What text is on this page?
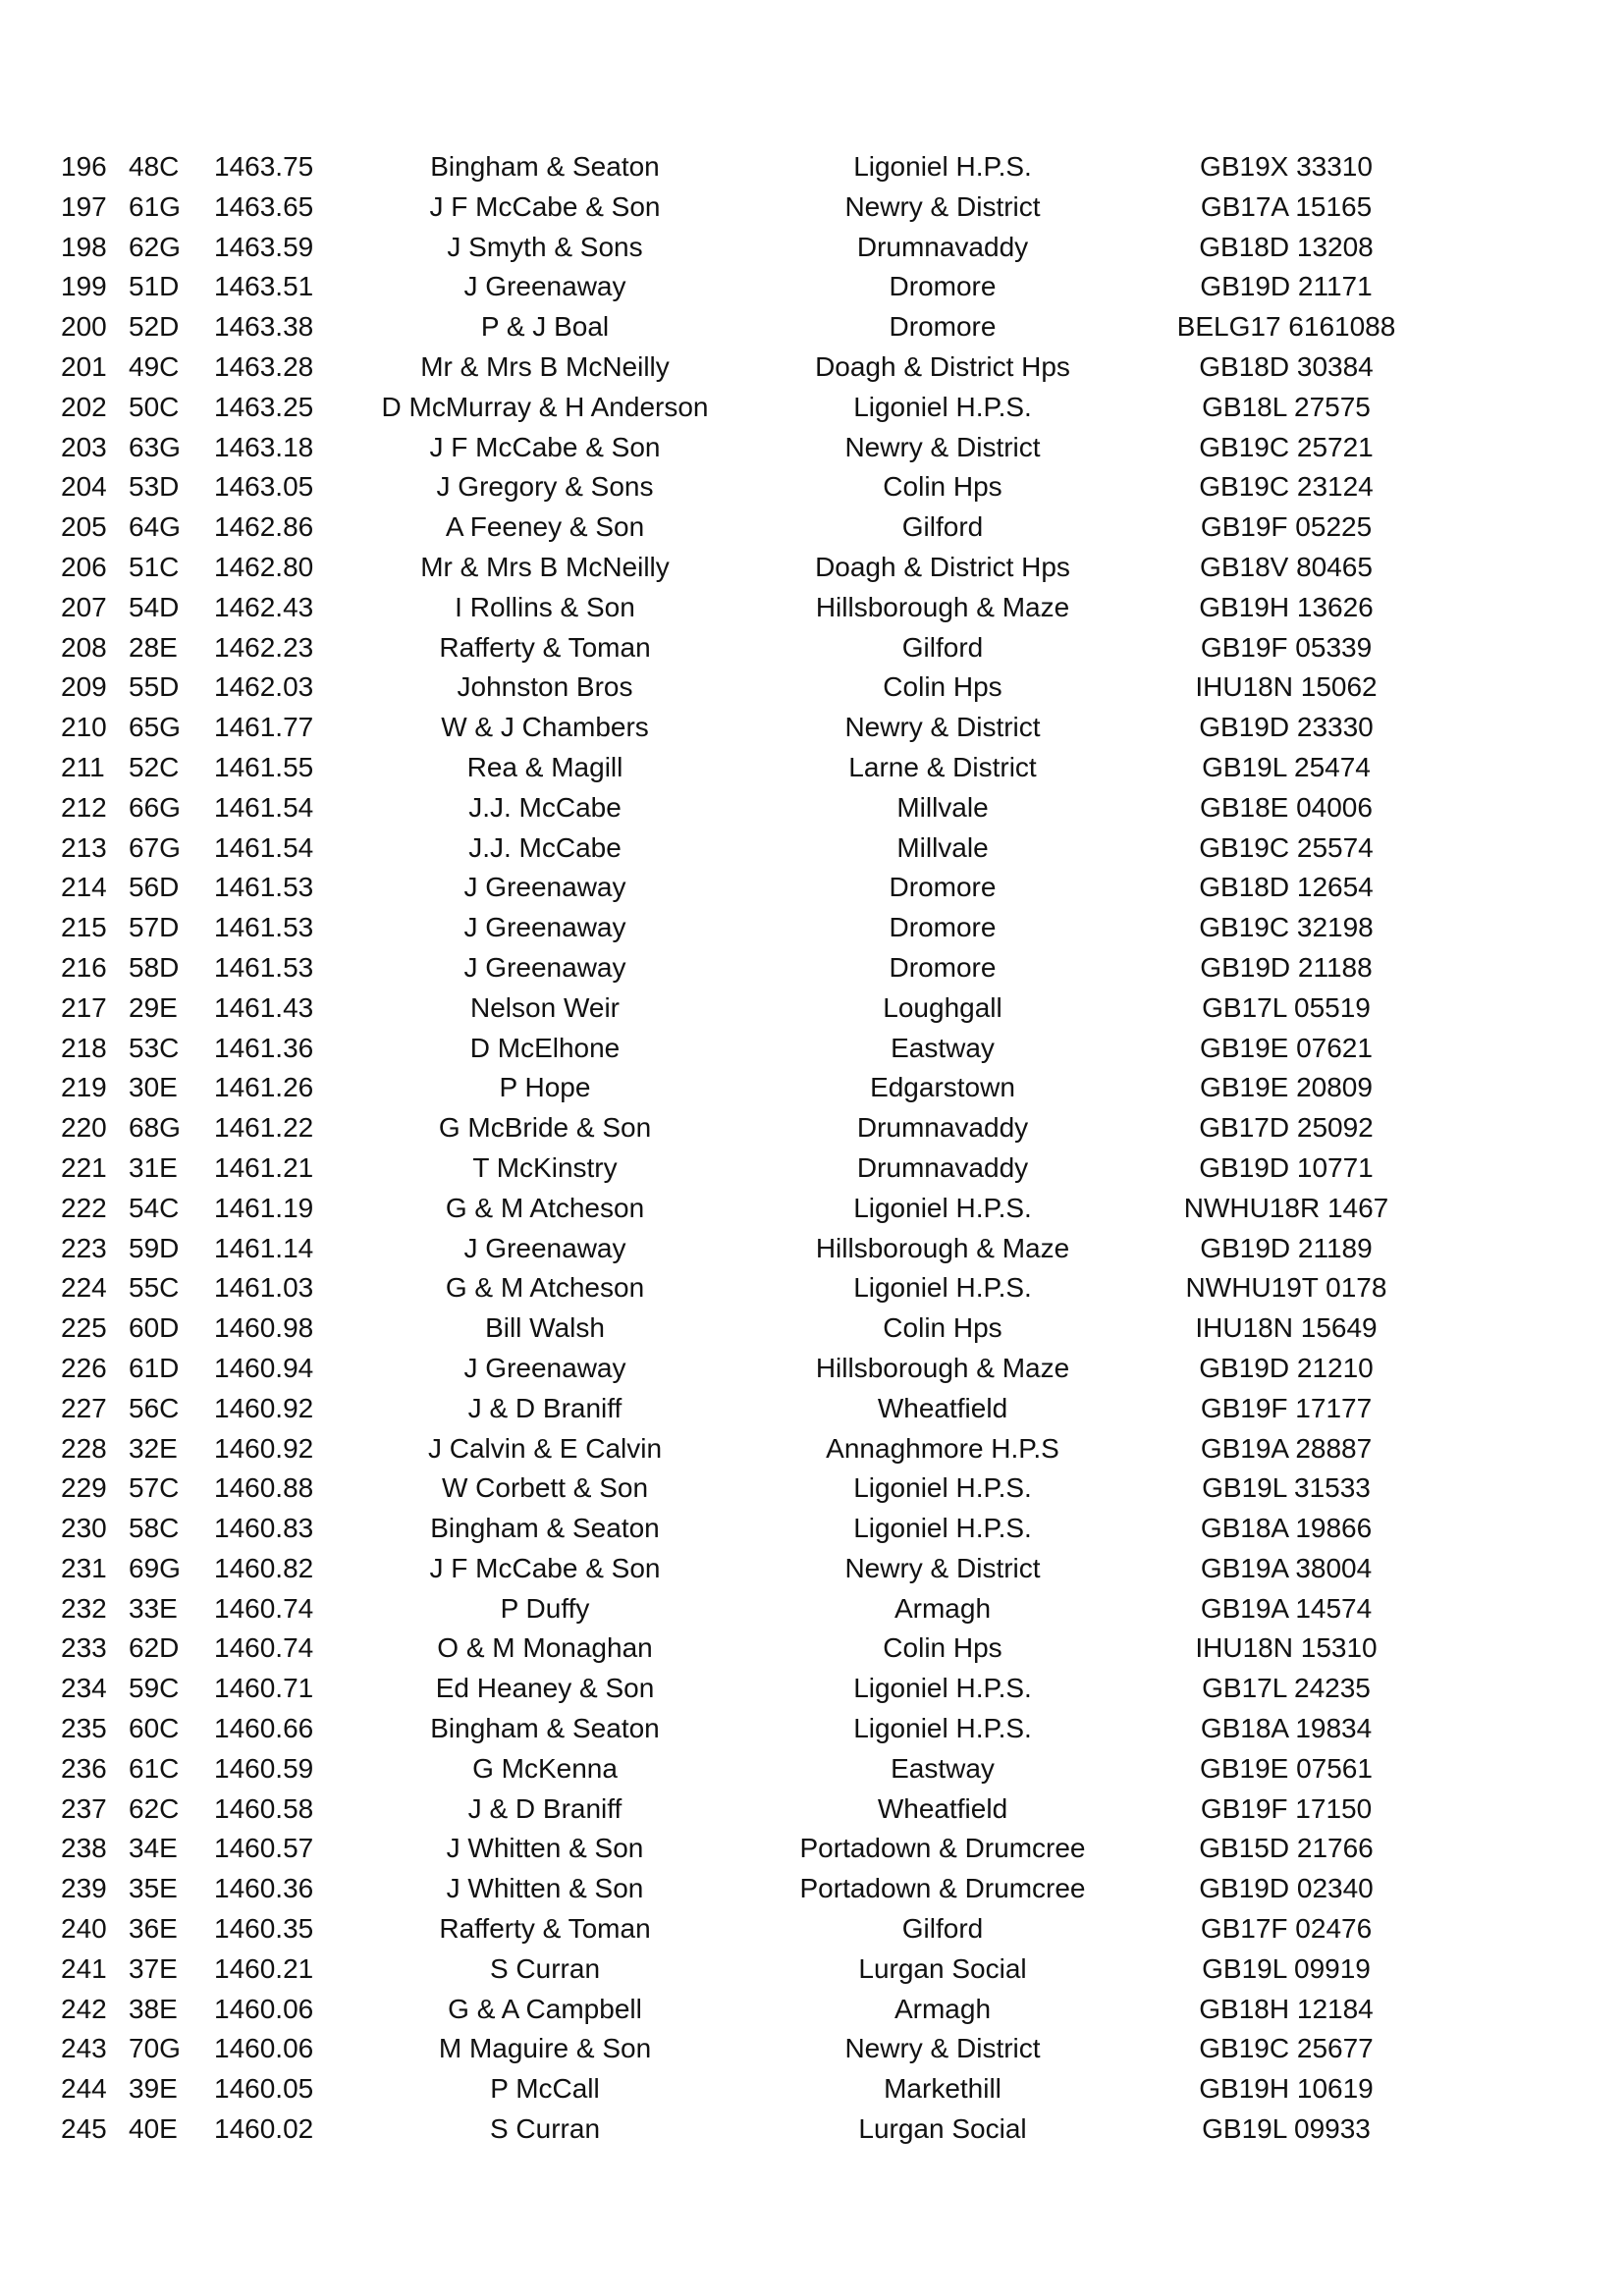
196 48C 1463.75	Bingham & Seaton	Ligoniel H.P.S.	GB19X 33310
197 61G 1463.65	J F McCabe & Son	Newry & District	GB17A 15165
198 62G 1463.59	J Smyth & Sons	Drumnavaddy	GB18D 13208
199 51D 1463.51	J Greenaway	Dromore	GB19D 21171
200 52D 1463.38	P & J Boal	Dromore	BELG17 6161088
201 49C 1463.28	Mr & Mrs B McNeilly	Doagh & District Hps	GB18D 30384
202 50C 1463.25 D McMurray & H Anderson	Ligoniel H.P.S.	GB18L 27575
203 63G 1463.18	J F McCabe & Son	Newry & District	GB19C 25721
204 53D 1463.05	J Gregory & Sons	Colin Hps	GB19C 23124
205 64G 1462.86	A Feeney & Son	Gilford	GB19F 05225
206 51C 1462.80	Mr & Mrs B McNeilly	Doagh & District Hps	GB18V 80465
207 54D 1462.43	I Rollins & Son	Hillsborough & Maze	GB19H 13626
208 28E 1462.23	Rafferty & Toman	Gilford	GB19F 05339
209 55D 1462.03	Johnston Bros	Colin Hps	IHU18N 15062
210 65G 1461.77	W & J Chambers	Newry & District	GB19D 23330
211 52C 1461.55	Rea & Magill	Larne & District	GB19L 25474
212 66G 1461.54	J.J. McCabe	Millvale	GB18E 04006
213 67G 1461.54	J.J. McCabe	Millvale	GB19C 25574
214 56D 1461.53	J Greenaway	Dromore	GB18D 12654
215 57D 1461.53	J Greenaway	Dromore	GB19C 32198
216 58D 1461.53	J Greenaway	Dromore	GB19D 21188
217 29E 1461.43	Nelson Weir	Loughgall	GB17L 05519
218 53C 1461.36	D McElhone	Eastway	GB19E 07621
219 30E 1461.26	P Hope	Edgarstown	GB19E 20809
220 68G 1461.22	G McBride & Son	Drumnavaddy	GB17D 25092
221 31E 1461.21	T McKinstry	Drumnavaddy	GB19D 10771
222 54C 1461.19	G & M Atcheson	Ligoniel H.P.S.	NWHU18R 1467
223 59D 1461.14	J Greenaway	Hillsborough & Maze	GB19D 21189
224 55C 1461.03	G & M Atcheson	Ligoniel H.P.S.	NWHU19T 0178
225 60D 1460.98	Bill Walsh	Colin Hps	IHU18N 15649
226 61D 1460.94	J Greenaway	Hillsborough & Maze	GB19D 21210
227 56C 1460.92	J & D Braniff	Wheatfield	GB19F 17177
228 32E 1460.92	J Calvin & E Calvin	Annaghmore H.P.S	GB19A 28887
229 57C 1460.88	W Corbett & Son	Ligoniel H.P.S.	GB19L 31533
230 58C 1460.83	Bingham & Seaton	Ligoniel H.P.S.	GB18A 19866
231 69G 1460.82	J F McCabe & Son	Newry & District	GB19A 38004
232 33E 1460.74	P Duffy	Armagh	GB19A 14574
233 62D 1460.74	O & M Monaghan	Colin Hps	IHU18N 15310
234 59C 1460.71	Ed Heaney & Son	Ligoniel H.P.S.	GB17L 24235
235 60C 1460.66	Bingham & Seaton	Ligoniel H.P.S.	GB18A 19834
236 61C 1460.59	G McKenna	Eastway	GB19E 07561
237 62C 1460.58	J & D Braniff	Wheatfield	GB19F 17150
238 34E 1460.57	J Whitten & Son	Portadown & Drumcree	GB15D 21766
239 35E 1460.36	J Whitten & Son	Portadown & Drumcree	GB19D 02340
240 36E 1460.35	Rafferty & Toman	Gilford	GB17F 02476
241 37E 1460.21	S Curran	Lurgan Social	GB19L 09919
242 38E 1460.06	G & A Campbell	Armagh	GB18H 12184
243 70G 1460.06	M Maguire & Son	Newry & District	GB19C 25677
244 39E 1460.05	P McCall	Markethill	GB19H 10619
245 40E 1460.02	S Curran	Lurgan Social	GB19L 09933
